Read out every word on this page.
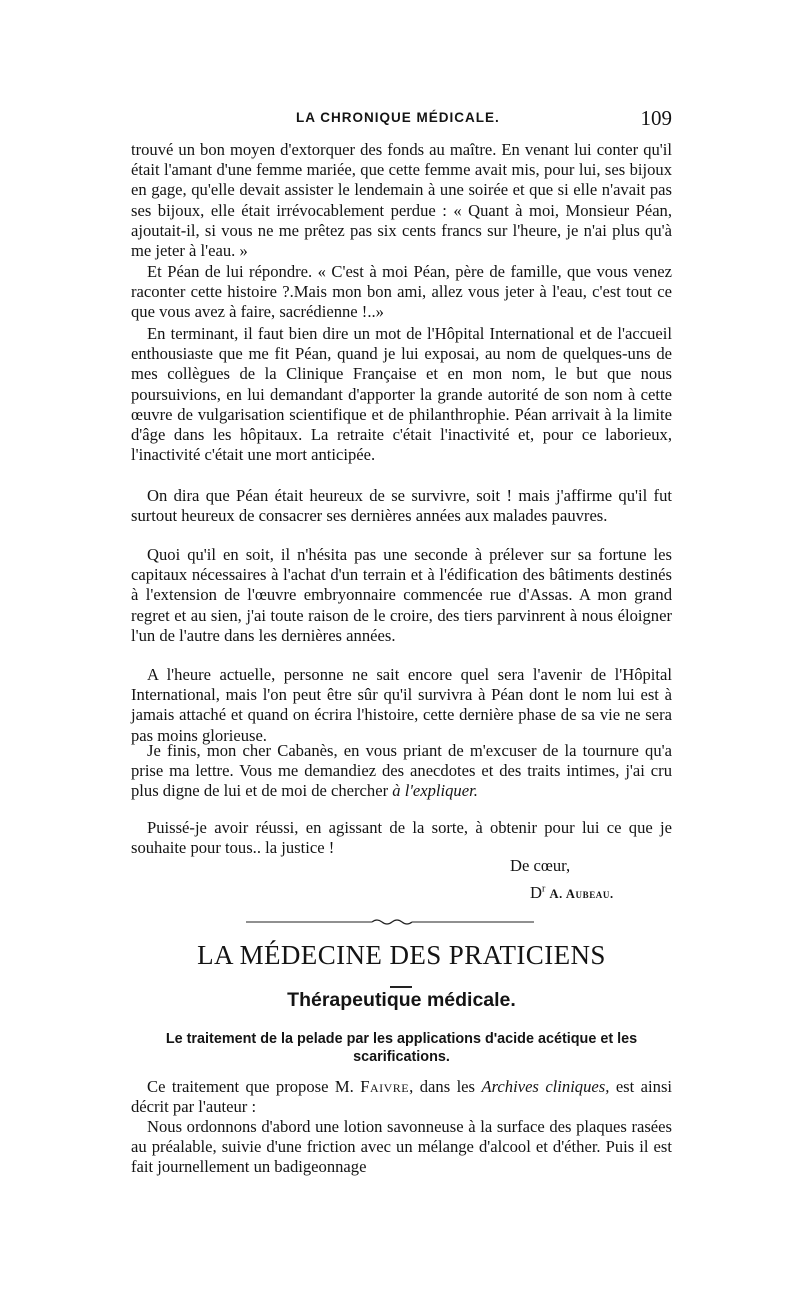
LA CHRONIQUE MÉDICALE.	109

trouvé un bon moyen d'extorquer des fonds au maître. En venant lui conter qu'il était l'amant d'une femme mariée, que cette femme avait mis, pour lui, ses bijoux en gage, qu'elle devait assister le lendemain à une soirée et que si elle n'avait pas ses bijoux, elle était irrévocablement perdue : « Quant à moi, Monsieur Péan, ajoutait-il, si vous ne me prêtez pas six cents francs sur l'heure, je n'ai plus qu'à me jeter à l'eau. »

Et Péan de lui répondre. « C'est à moi Péan, père de famille, que vous venez raconter cette histoire ?.Mais mon bon ami, allez vous jeter à l'eau, c'est tout ce que vous avez à faire, sacrédienne !..»

En terminant, il faut bien dire un mot de l'Hôpital International et de l'accueil enthousiaste que me fit Péan, quand je lui exposai, au nom de quelques-uns de mes collègues de la Clinique Française et en mon nom, le but que nous poursuivions, en lui demandant d'apporter la grande autorité de son nom à cette œuvre de vulgarisation scientifique et de philanthrophie. Péan arrivait à la limite d'âge dans les hôpitaux. La retraite c'était l'inactivité et, pour ce laborieux, l'inactivité c'était une mort anticipée.

On dira que Péan était heureux de se survivre, soit ! mais j'affirme qu'il fut surtout heureux de consacrer ses dernières années aux malades pauvres.

Quoi qu'il en soit, il n'hésita pas une seconde à prélever sur sa fortune les capitaux nécessaires à l'achat d'un terrain et à l'édification des bâtiments destinés à l'extension de l'œuvre embryonnaire commencée rue d'Assas. A mon grand regret et au sien, j'ai toute raison de le croire, des tiers parvinrent à nous éloigner l'un de l'autre dans les dernières années.

A l'heure actuelle, personne ne sait encore quel sera l'avenir de l'Hôpital International, mais l'on peut être sûr qu'il survivra à Péan dont le nom lui est à jamais attaché et quand on écrira l'histoire, cette dernière phase de sa vie ne sera pas moins glorieuse.

Je finis, mon cher Cabanès, en vous priant de m'excuser de la tournure qu'a prise ma lettre. Vous me demandiez des anecdotes et des traits intimes, j'ai cru plus digne de lui et de moi de chercher à l'expliquer.

Puissé-je avoir réussi, en agissant de la sorte, à obtenir pour lui ce que je souhaite pour tous.. la justice !

De cœur,
$D^r$ A. Aubeau.
LA MÉDECINE DES PRATICIENS
Thérapeutique médicale.
Le traitement de la pelade par les applications d'acide acétique et les scarifications.

Ce traitement que propose M. Faivre, dans les Archives cliniques, est ainsi décrit par l'auteur :

Nous ordonnons d'abord une lotion savonneuse à la surface des plaques rasées au préalable, suivie d'une friction avec un mélange d'alcool et d'éther. Puis il est fait journellement un badigeonnage
